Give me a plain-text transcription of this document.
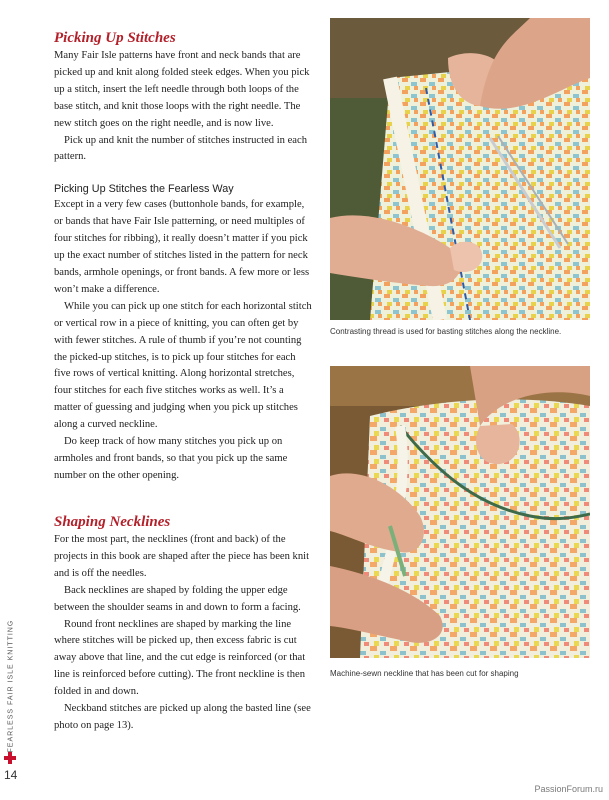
Picking Up Stitches

Many Fair Isle patterns have front and neck bands that are picked up and knit along folded steek edges. When you pick up a stitch, insert the left needle through both loops of the base stitch, and knit those loops with the right needle. The new stitch goes on the right needle, and is now live.

Pick up and knit the number of stitches instructed in each pattern.

Picking Up Stitches the Fearless Way

Except in a very few cases (buttonhole bands, for example, or bands that have Fair Isle patterning, or need multiples of four stitches for ribbing), it really doesn’t matter if you pick up the exact number of stitches listed in the pattern for neck bands, armhole openings, or front bands. A few more or less won’t make a difference.

While you can pick up one stitch for each horizontal stitch or vertical row in a piece of knitting, you can often get by with fewer stitches. A rule of thumb if you’re not counting the picked-up stitches, is to pick up four stitches for each five rows of vertical knitting. Along horizontal stretches, four stitches for each five stitches works as well. It’s a matter of guessing and judging when you pick up stitches along a curved neckline.

Do keep track of how many stitches you pick up on armholes and front bands, so that you pick up the same number on the other opening.

Shaping Necklines

For the most part, the necklines (front and back) of the projects in this book are shaped after the piece has been knit and is off the needles.

Back necklines are shaped by folding the upper edge between the shoulder seams in and down to form a facing.

Round front necklines are shaped by marking the line where stitches will be picked up, then excess fabric is cut away above that line, and the cut edge is reinforced (or that line is reinforced before cutting). The front neckline is then folded in and down.

Neckband stitches are picked up along the basted line (see photo on page 13).

Contrasting thread is used for basting stitches along the neckline.
Machine-sewn neckline that has been cut for shaping
FEARLESS FAIR ISLE KNITTING
14
PassionForum.ru
